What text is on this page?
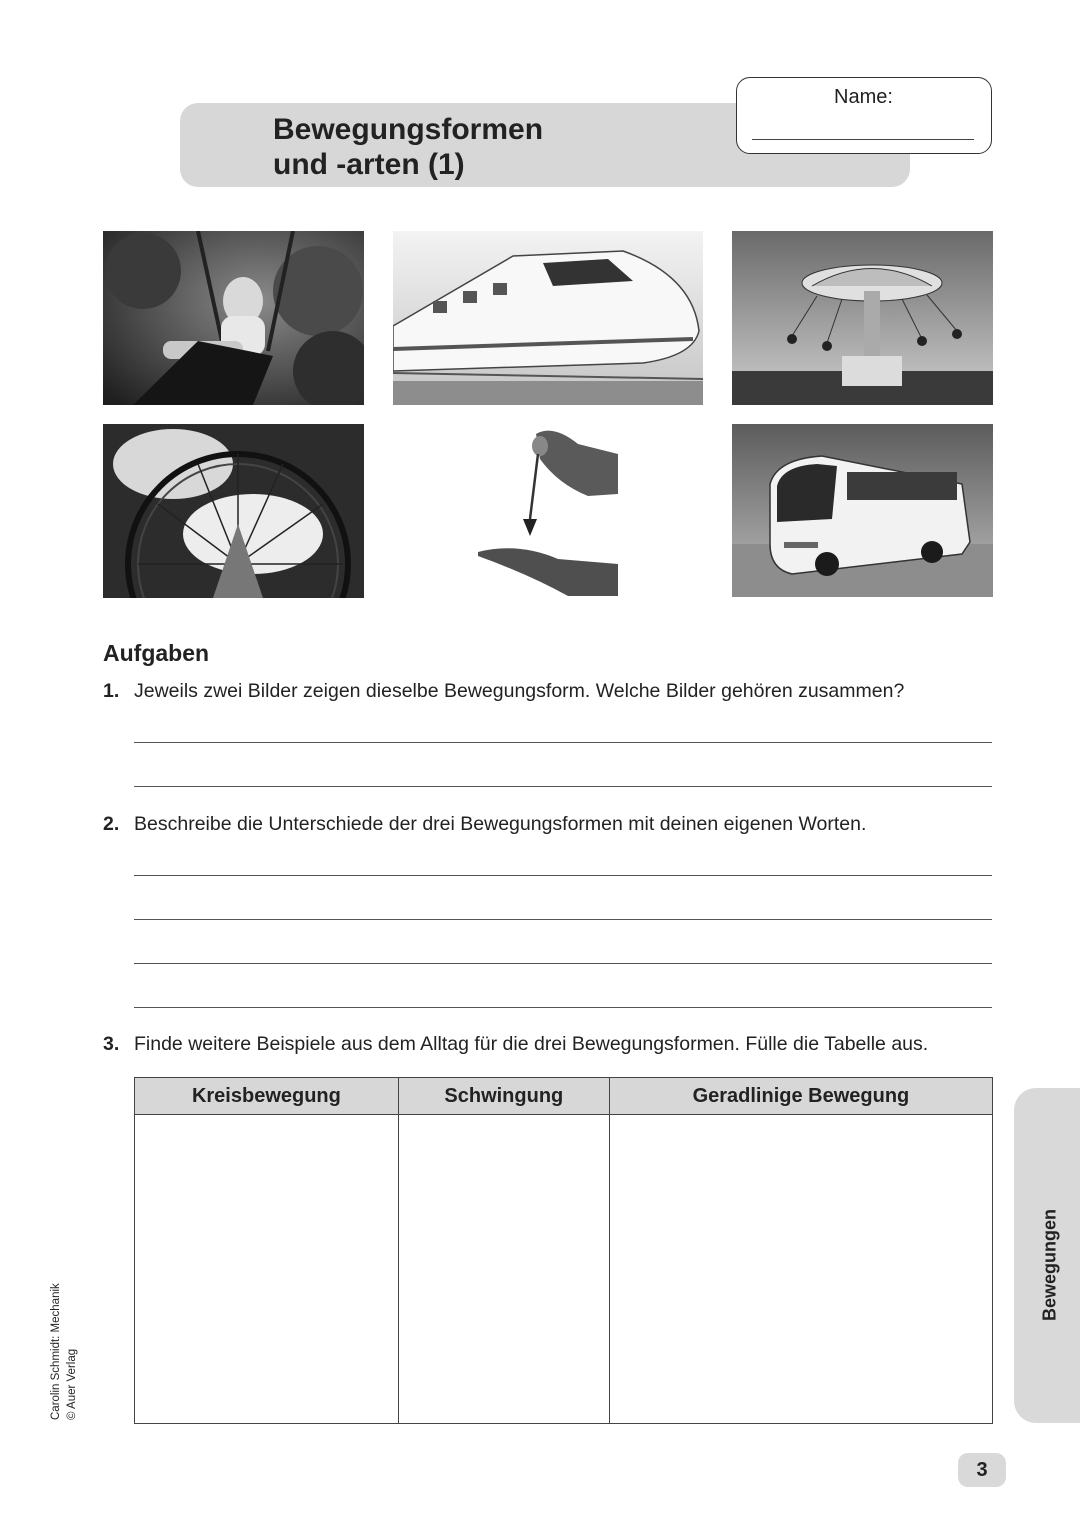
Bewegungsformen
und -arten (1)
Name:
Aufgaben
1. Jeweils zwei Bilder zeigen dieselbe Bewegungsform. Welche Bilder gehören zusammen?
2. Beschreibe die Unterschiede der drei Bewegungsformen mit deinen eigenen Worten.
3. Finde weitere Beispiele aus dem Alltag für die drei Bewegungsformen. Fülle die Tabelle aus.
Kreisbewegung	Schwingung	Geradlinige Bewegung

Bewegungen
Carolin Schmidt: Mechanik © Auer Verlag
3
